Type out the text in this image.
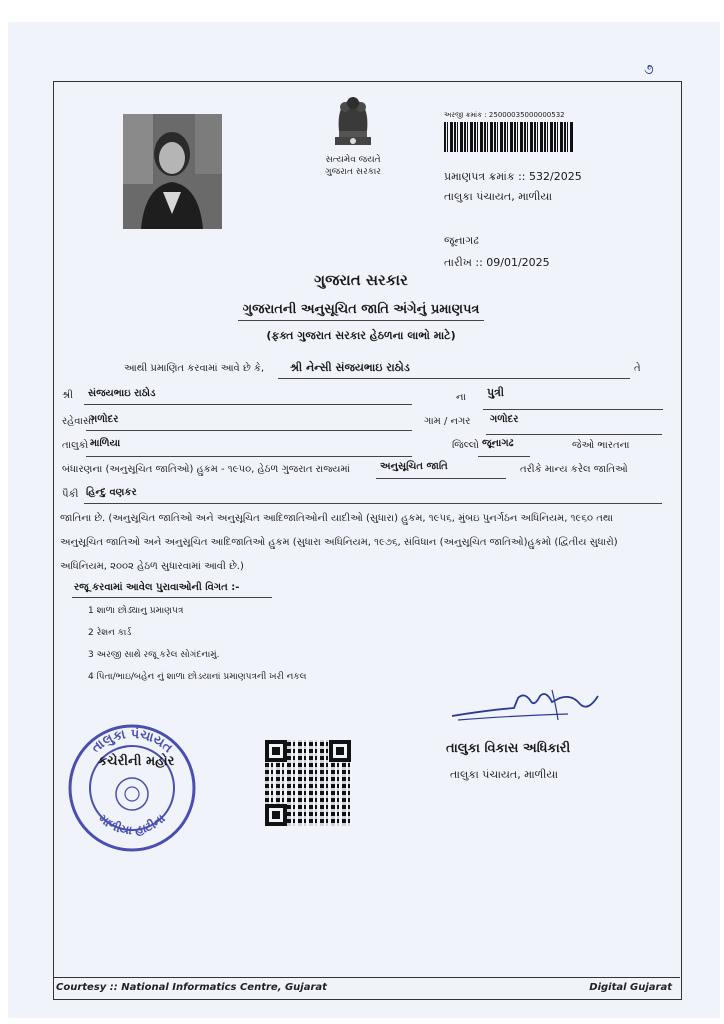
૭
સત્યમેવ જયતે
ગુજરાત સરકાર
અરજી ક્રમાંક : 25000035000000532
પ્રમાણપત્ર ક્રમાંક :: 532/2025
તાલુકા પંચાયત, માળીયા
જૂનાગઢ
તારીખ :: 09/01/2025
ગુજરાત સરકાર
ગુજરાતની અનુસૂચિત જાતિ અંગેનું પ્રમાણપત્ર
(ફક્ત ગુજરાત સરકાર હેઠળના લાભો માટે)
આથી પ્રમાણિત કરવામાં આવે છે કે, શ્રી નેન્સી સંજયભાઇ રાઠોડ	તે
શ્રી સંજયભાઇ રાઠોડ	ના પુત્રી
રહેવાસી
ગળોદર	ગામ / નગર ગળોદર
તાલુકો માળિયા	જિલ્લો જૂનાગઢ	જેઓ ભારતના
બંધારણના (અનુસૂચિત જાતિઓ) હુકમ - ૧૯૫૦, હેઠળ ગુજરાત રાજ્યમાં	અનુસૂચિત જાતિ	તરીકે માન્ય કરેલ જાતિઓ
પૈકી હિન્દુ વણકર
જાતિના છે. (અનુસૂચિત જાતિઓ અને અનુસૂચિત આદિજાતિઓની યાદીઓ (સુધારા) હુકમ, ૧૯૫૬, મુંબઇ પુનર્ગઠન અધિનિયમ, ૧૯૬૦ તથા
અનુસૂચિત જાતિઓ અને અનુસૂચિત આદિજાતિઓ હુકમ (સુધારા અધિનિયમ, ૧૯૭૬, સંવિધાન (અનુસૂચિત જાતિઓ)હુકમો (દ્વિતીય સુધારો)
અધિનિયમ, ૨૦૦૨ હેઠળ સુધારવામાં આવી છે.)
રજૂ કરવામાં આવેલ પુરાવાઓની વિગત :-
1 શાળા છોડ્યાનુ પ્રમાણપત્ર
2 રેશન કાર્ડ
3 અરજી સાથે રજૂ કરેલ સોગંદનામું.
4 પિતા/ભાઇ/બહેન નું શાળા છોડયાનાં પ્રમાણપત્રની ખરી નકલ
તાલુકા વિકાસ અધિકારી
તાલુકા પંચાયત, માળીયા
તાલુકા પંચાયત
માળીયા હાટીના
કચેરીની મહોર
Courtesy :: National Informatics Centre, Gujarat	Digital Gujarat
